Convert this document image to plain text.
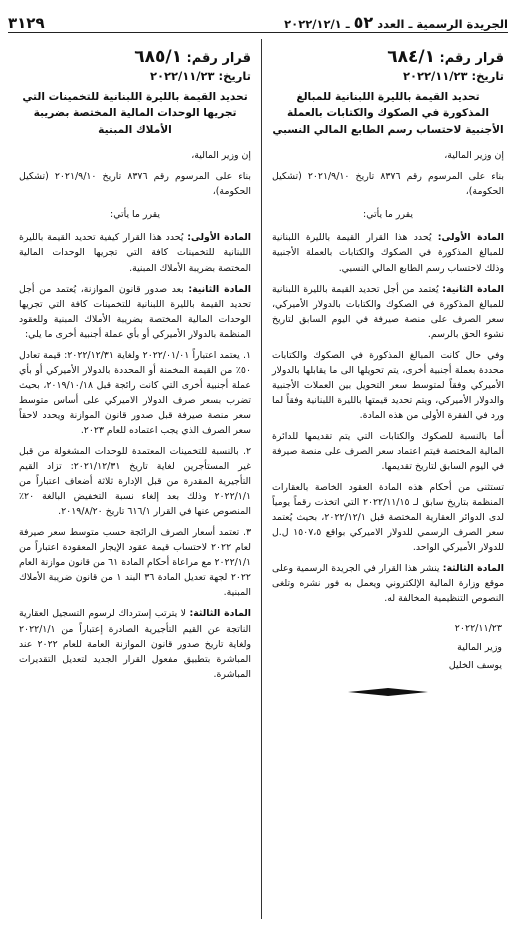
الجريدة الرسمية ـ العدد ٥٢ ـ ٢٠٢٢/١٢/١
٣١٢٩
قرار رقم: ٦٨٤/١
تاريخ: ٢٠٢٢/١١/٢٣
تحديد القيمة بالليرة اللبنانية للمبالغ المذكورة في الصكوك والكتابات بالعملة الأجنبية لاحتساب رسم الطابع المالي النسبي

إن وزير المالية،

بناء على المرسوم رقم ٨٣٧٦ تاريخ ٢٠٢١/٩/١٠ (تشكيل الحكومة)،

يقرر ما يأتي:

المادة الأولى: يُحدد هذا القرار القيمة بالليرة اللبنانية للمبالغ المذكورة في الصكوك والكتابات بالعملة الأجنبية وذلك لاحتساب رسم الطابع المالي النسبي.

المادة الثانية: يُعتمد من أجل تحديد القيمة بالليرة اللبنانية للمبالغ المذكورة في الصكوك والكتابات بالدولار الأميركي، سعر الصرف على منصة صيرفة في اليوم السابق لتاريخ نشوء الحق بالرسم.

وفي حال كانت المبالغ المذكورة في الصكوك والكتابات محددة بعملة أجنبية أخرى، يتم تحويلها الى ما يقابلها بالدولار الأميركي وفقاً لمتوسط سعر التحويل بين العملات الأجنبية والدولار الأميركي، ويتم تحديد قيمتها بالليرة اللبنانية وفقاً لما ورد في الفقرة الأولى من هذه المادة.

أما بالنسبة للصكوك والكتابات التي يتم تقديمها للدائرة المالية المختصة فيتم اعتماد سعر الصرف على منصة صيرفة في اليوم السابق لتاريخ تقديمها.

تستثنى من أحكام هذه المادة العقود الخاصة بالعقارات المنظمة بتاريخ سابق لـ ٢٠٢٢/١١/١٥ التي اتخذت رقماً يومياً لدى الدوائر العقارية المختصة قبل ٢٠٢٢/١٢/١، بحيث يُعتمد سعر الصرف الرسمي للدولار الاميركي بواقع ١٥٠٧،٥ ل.ل للدولار الأميركي الواحد.

المادة الثالثة: ينشر هذا القرار في الجريدة الرسمية وعلى موقع وزارة المالية الإلكتروني ويعمل به فور نشره وتلغى النصوص التنظيمية المخالفة له.

٢٠٢٢/١١/٢٣
وزير المالية
يوسف الخليل
قرار رقم: ٦٨٥/١
تاريخ: ٢٠٢٢/١١/٢٣
تحديد القيمة بالليرة اللبنانية للتخمينات التي تجريها الوحدات المالية المختصة بضريبة الأملاك المبنية

إن وزير المالية،

بناء على المرسوم رقم ٨٣٧٦ تاريخ ٢٠٢١/٩/١٠ (تشكيل الحكومة)،

يقرر ما يأتي:

المادة الأولى: يُحدد هذا القرار كيفية تحديد القيمة بالليرة اللبنانية للتخمينات كافة التي تجريها الوحدات المالية المختصة بضريبة الأملاك المبنية.

المادة الثانية: بعد صدور قانون الموازنة، يُعتمد من أجل تحديد القيمة بالليرة اللبنانية للتخمينات كافة التي تجريها الوحدات المالية المختصة بضريبة الأملاك المبنية وللعقود المنظمة بالدولار الأميركي أو بأي عملة أجنبية أخرى ما يلي:

١. يعتمد اعتباراً ٢٠٢٢/٠١/٠١ ولغاية ٢٠٢٢/١٢/٣١: قيمة تعادل ٥٠٪ من القيمة المخمنة أو المحددة بالدولار الأميركي أو بأي عملة أجنبية أخرى التي كانت رائجة قبل ٢٠١٩/١٠/١٨، بحيث تضرب بسعر صرف الدولار الاميركي على أساس متوسط سعر منصة صيرفة قبل صدور قانون الموازنة ويحدد لاحقاً سعر الصرف الذي يجب اعتماده للعام ٢٠٢٣.

٢. بالنسبة للتخمينات المعتمدة للوحدات المشغولة من قبل غير المستأجرين لغاية تاريخ ٢٠٢١/١٢/٣١: تزاد القيم التأجيرية المقدرة من قبل الإدارة ثلاثة أضعاف اعتباراً من ٢٠٢٢/١/١ وذلك بعد إلغاء نسبة التخفيض البالغة ٢٠٪ المنصوص عنها في القرار ٦١٦/١ تاريخ ٢٠١٩/٨/٢٠.

٣. تعتمد أسعار الصرف الرائجة حسب متوسط سعر صيرفة لعام ٢٠٢٢ لاحتساب قيمة عقود الإيجار المعقودة اعتباراً من ٢٠٢٢/١/١ مع مراعاة أحكام المادة ٦١ من قانون موازنة العام ٢٠٢٢ لجهة تعديل المادة ٣٦ البند ١ من قانون ضريبة الأملاك المبنية.

المادة الثالثة: لا يترتب إسترداك لرسوم التسجيل العقارية الناتجة عن القيم التأجيرية الصادرة إعتباراً من ٢٠٢٢/١/١ ولغاية تاريخ صدور قانون الموازنة العامة للعام ٢٠٢٢ عند المباشرة بتطبيق مفعول القرار الجديد لتعديل التقديرات المباشرة.
